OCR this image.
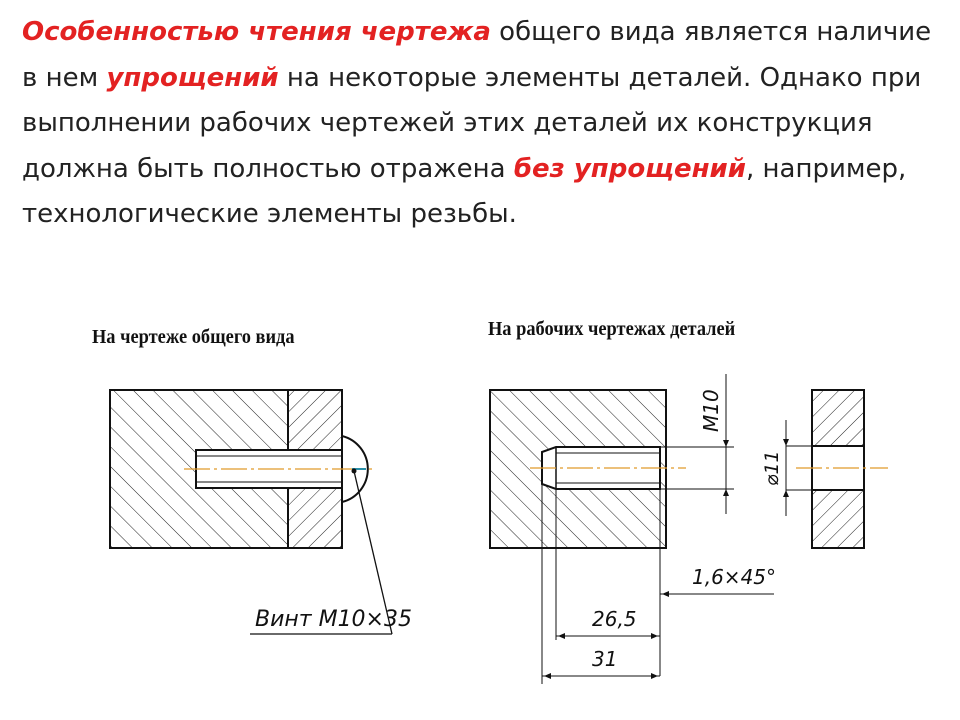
Особенностью чтения чертежа общего вида является наличие в нем упрощений на некоторые элементы деталей. Однако при выполнении рабочих чертежей этих деталей их конструкция должна быть полностью отражена без упрощений, например, технологические элементы резьбы.

На чертеже общего вида	На рабочих чертежах деталей
Винт М10×35
М10
⌀11
1,6×45°
26,5
31
